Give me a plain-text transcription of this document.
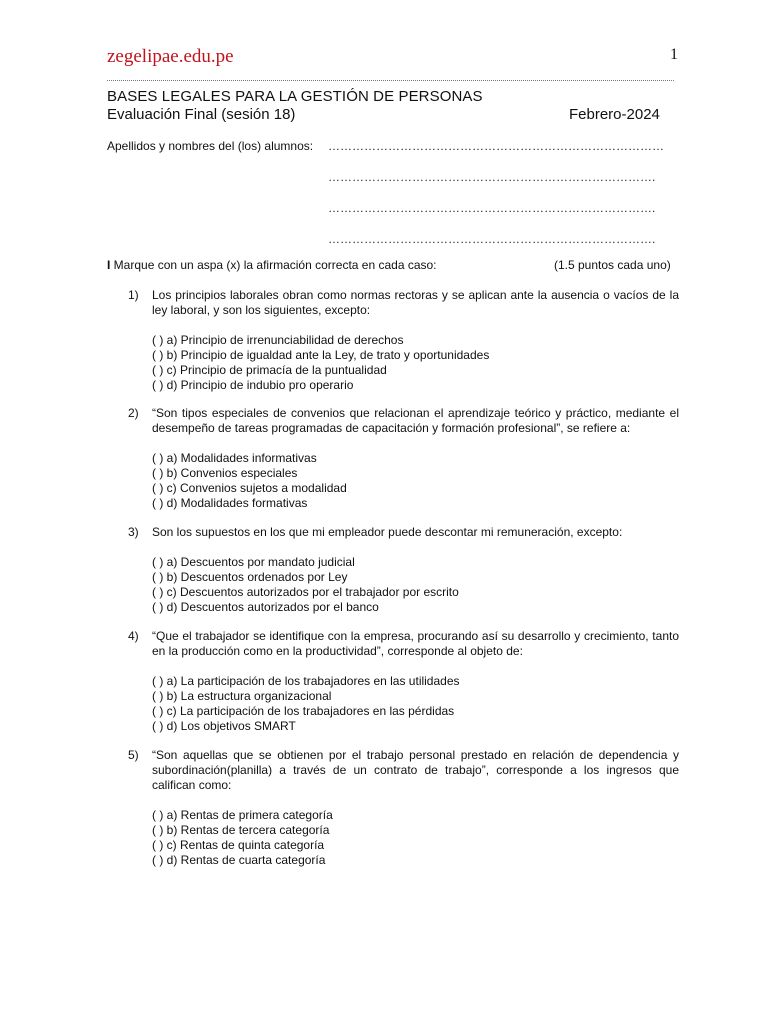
zegelipae.edu.pe	1
BASES LEGALES PARA LA GESTIÓN DE PERSONAS
Evaluación Final (sesión 18)	Febrero-2024
Apellidos y nombres del (los) alumnos: …………………………………………………………………………
……………………………………………………………………….
……………………………………………………………………….
……………………………………………………………………….
I Marque con un aspa (x) la afirmación correcta en cada caso:	(1.5 puntos cada uno)
1) Los principios laborales obran como normas rectoras y se aplican ante la ausencia o vacíos de la ley laboral, y son los siguientes, excepto:
( ) a) Principio de irrenunciabilidad de derechos
( ) b) Principio de igualdad ante la Ley, de trato y oportunidades
( ) c) Principio de primacía de la puntualidad
( ) d) Principio de indubio pro operario
2) “Son tipos especiales de convenios que relacionan el aprendizaje teórico y práctico, mediante el desempeño de tareas programadas de capacitación y formación profesional”, se refiere a:
( ) a) Modalidades informativas
( ) b) Convenios especiales
( ) c) Convenios sujetos a modalidad
( ) d) Modalidades formativas
3) Son los supuestos en los que mi empleador puede descontar mi remuneración, excepto:
( ) a) Descuentos por mandato judicial
( ) b) Descuentos ordenados por Ley
( ) c) Descuentos autorizados por el trabajador por escrito
( ) d) Descuentos autorizados por el banco
4) “Que el trabajador se identifique con la empresa, procurando así su desarrollo y crecimiento, tanto en la producción como en la productividad”, corresponde al objeto de:
( ) a) La participación de los trabajadores en las utilidades
( ) b) La estructura organizacional
( ) c) La participación de los trabajadores en las pérdidas
( ) d) Los objetivos SMART
5) “Son aquellas que se obtienen por el trabajo personal prestado en relación de dependencia y subordinación(planilla) a través de un contrato de trabajo”, corresponde a los ingresos que califican como:
( ) a) Rentas de primera categoría
( ) b) Rentas de tercera categoría
( ) c) Rentas de quinta categoría
( ) d) Rentas de cuarta categoría
